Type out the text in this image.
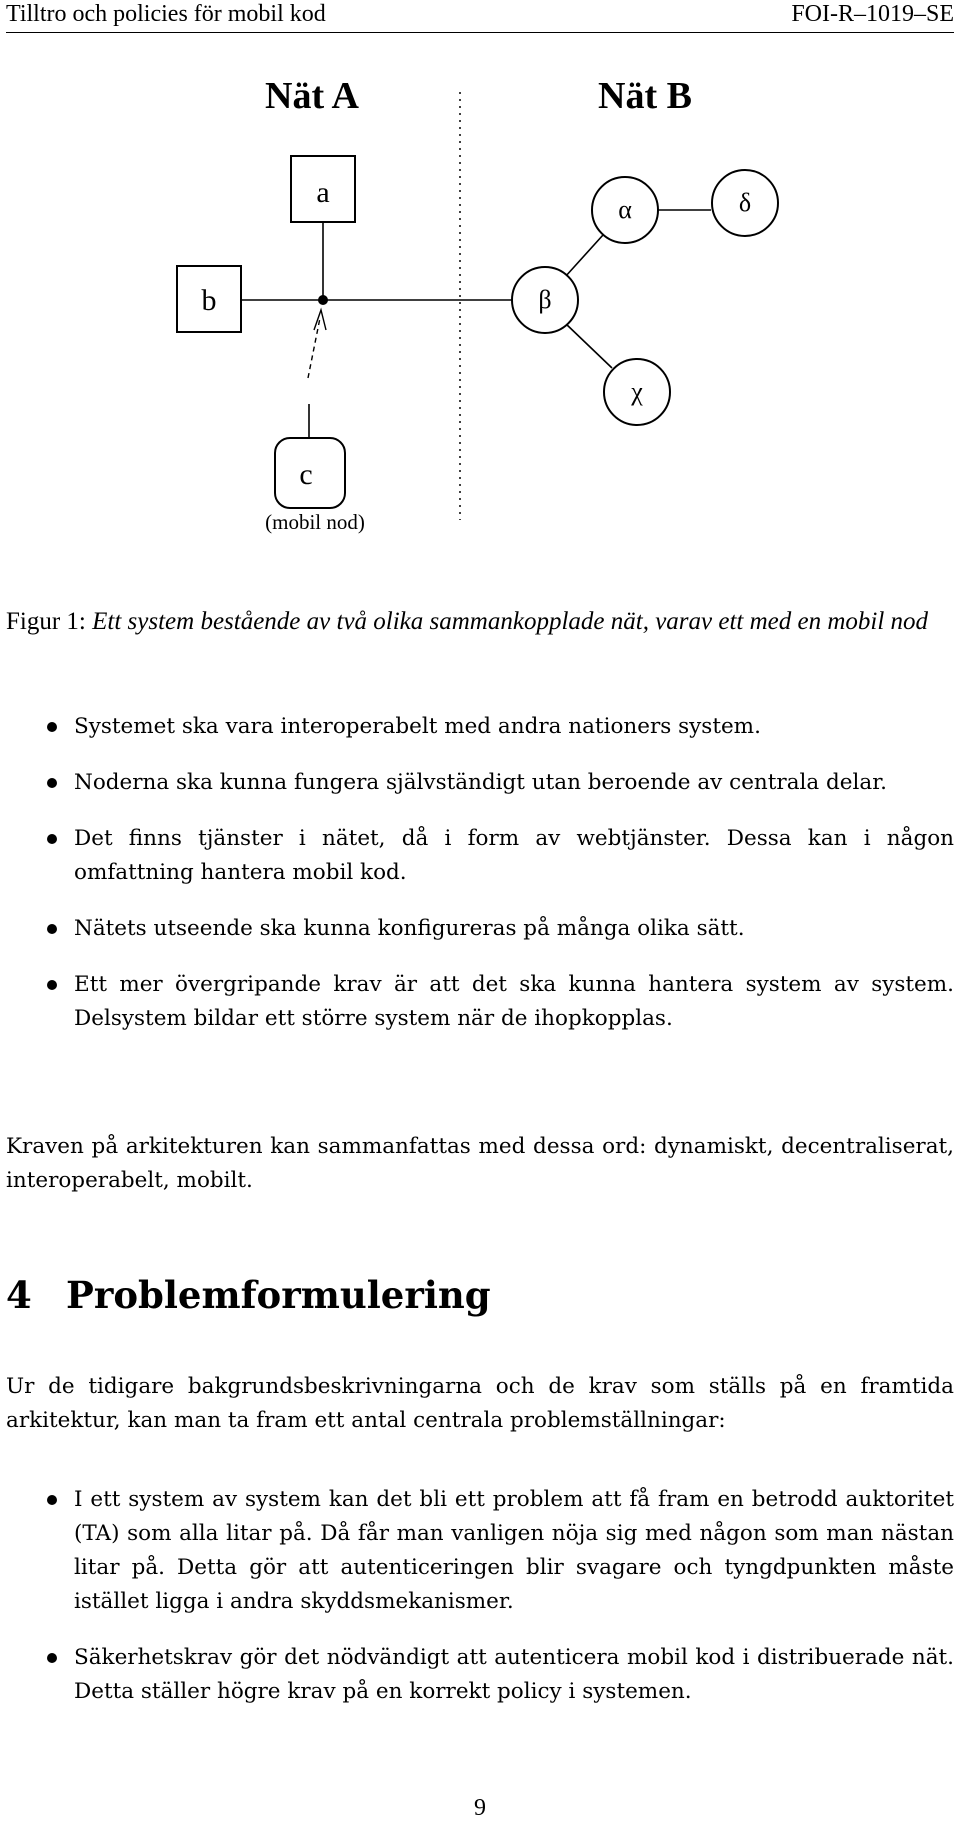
Tilltro och policies för mobil kod	FOI-R–1019–SE
Nät A	Nät B
a
b
c
(mobil nod)
α	δ
β
χ
Figur 1: Ett system bestående av två olika sammankopplade nät, varav ett med en mobil nod
Systemet ska vara interoperabelt med andra nationers system.
Noderna ska kunna fungera självständigt utan beroende av centrala delar.
Det finns tjänster i nätet, då i form av webtjänster. Dessa kan i någon omfattning hantera mobil kod.
Nätets utseende ska kunna konfigureras på många olika sätt.
Ett mer övergripande krav är att det ska kunna hantera system av system. Delsystem bildar ett större system när de ihopkopplas.
Kraven på arkitekturen kan sammanfattas med dessa ord: dynamiskt, decentraliserat, interoperabelt, mobilt.
4 Problemformulering
Ur de tidigare bakgrundsbeskrivningarna och de krav som ställs på en framtida arkitektur, kan man ta fram ett antal centrala problemställningar:
I ett system av system kan det bli ett problem att få fram en betrodd auktoritet (TA) som alla litar på. Då får man vanligen nöja sig med någon som man nästan litar på. Detta gör att autenticeringen blir svagare och tyngdpunkten måste istället ligga i andra skyddsmekanismer.
Säkerhetskrav gör det nödvändigt att autenticera mobil kod i distribuerade nät. Detta ställer högre krav på en korrekt policy i systemen.
9
